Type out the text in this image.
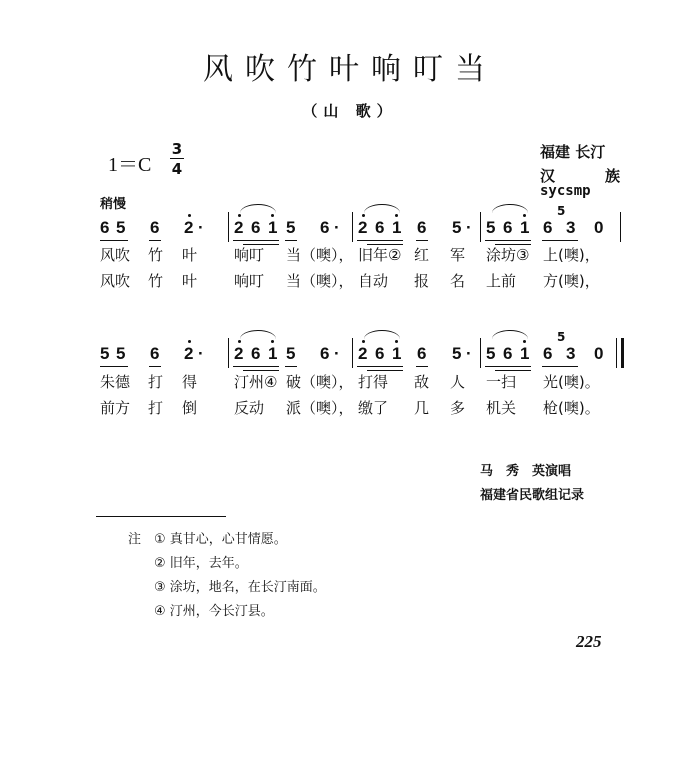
风吹竹叶响叮当
（山 歌）
$1=C \frac{3}{4}$	福建 长汀
汉	族
sycsmp
稍慢
6 5 6 2 · 2 6 1 5 6 · 2 6 1 6 5 · 5 6 1 6
5
3 0
风吹 竹 叶 响叮 当（噢）， 旧年② 红 军 涂坊③ 上(噢)，
风吹 竹 叶 响叮 当（噢）， 自动 报 名 上前 方(噢)，
5 5 6 2 · 2 6 1 5 6 · 2 6 1 6 5 · 5 6 1 6
5
3 0
朱德 打 得 汀州④ 破（噢）， 打得 敌 人 一扫 光(噢)。
前方 打 倒 反动 派（噢）， 缴了 几 多 机关 枪(噢)。
马　秀　英演唱
福建省民歌组记录
注 ① 真甘心，心甘情愿。
② 旧年，去年。
③ 涂坊，地名，在长汀南面。
④ 汀州，今长汀县。
225
